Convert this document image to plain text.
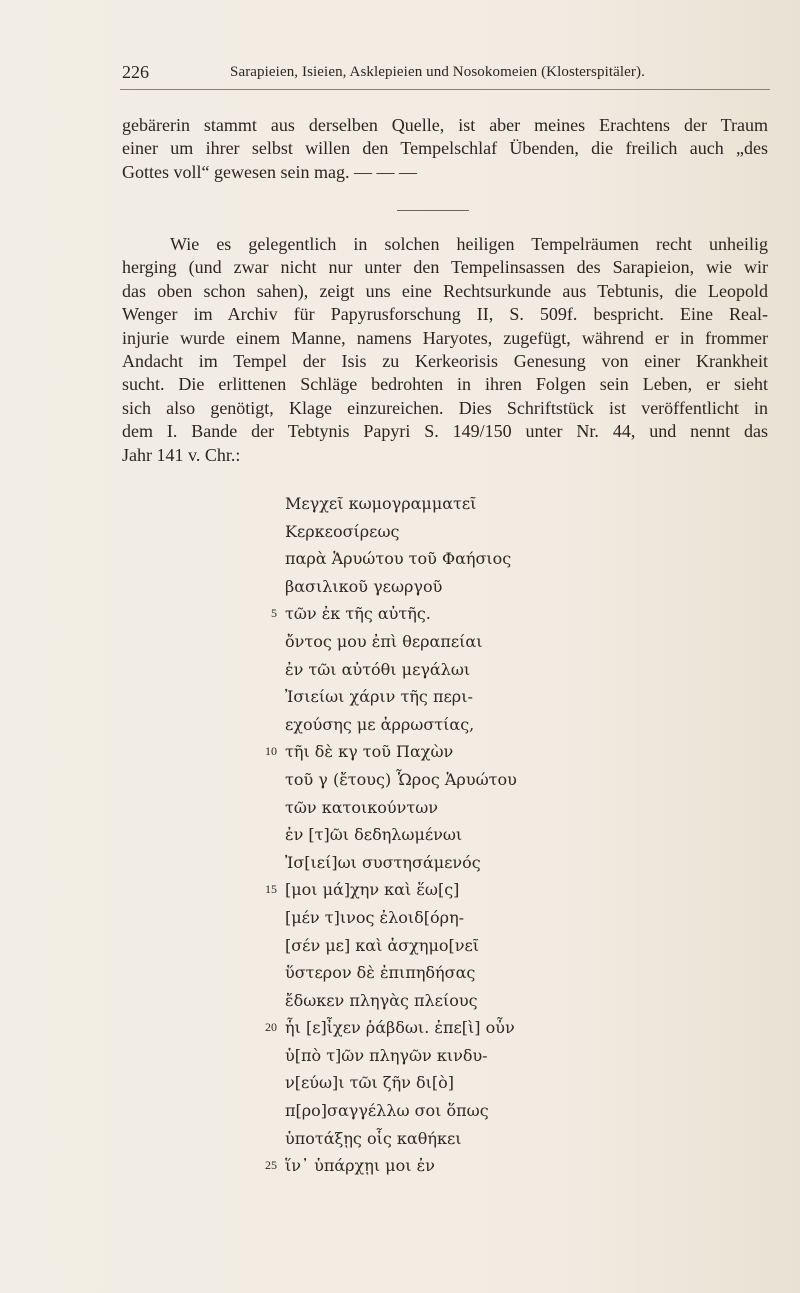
226	Sarapieien, Isieien, Asklepieien und Nosokomeien (Klosterspitäler).
gebärerin stammt aus derselben Quelle, ist aber meines Erachtens der Traum
einer um ihrer selbst willen den Tempelschlaf Übenden, die freilich auch „des
Gottes voll“ gewesen sein mag. — — —
Wie es gelegentlich in solchen heiligen Tempelräumen recht unheilig
herging (und zwar nicht nur unter den Tempelinsassen des Sarapieion, wie wir
das oben schon sahen), zeigt uns eine Rechtsurkunde aus Tebtunis, die Leopold
Wenger im Archiv für Papyrusforschung II, S. 509f. bespricht. Eine Real-
injurie wurde einem Manne, namens Haryotes, zugefügt, während er in frommer
Andacht im Tempel der Isis zu Kerkeorisis Genesung von einer Krankheit
sucht. Die erlittenen Schläge bedrohten in ihren Folgen sein Leben, er sieht
sich also genötigt, Klage einzureichen. Dies Schriftstück ist veröffentlicht in
dem I. Bande der Tebtynis Papyri S. 149/150 unter Nr. 44, und nennt das
Jahr 141 v. Chr.:
Μεγχεῖ κωμογραμματεῖ
Κερκεοσίρεως
παρὰ Ἁρυώτου τοῦ Φαήσιος
βασιλικοῦ γεωργοῦ
5 τῶν ἐκ τῆς αὐτῆς.
ὄντος μου ἐπὶ θεραπείαι
ἐν τῶι αὐτόθι μεγάλωι
Ἰσιείωι χάριν τῆς περι-
εχούσης με ἀρρωστίας,
10 τῆι δὲ κγ τοῦ Παχὼν
τοῦ γ (ἔτους) Ὧρος Ἁρυώτου
τῶν κατοικούντων
ἐν [τ]ῶι δεδηλωμένωι
Ἰσ[ιεί]ωι συστησάμενός
15 [μοι μά]χην καὶ ἕω[ς]
[μέν τ]ινος ἐλοιδ[όρη-
[σέν με] καὶ ἀσχημο[νεῖ
ὕστερον δὲ ἐπιπηδήσας
ἔδωκεν πληγὰς πλείους
20 ἧι [ε]ἶχεν ῥάβδωι. ἐπε[ὶ] οὖν
ὑ[πὸ τ]ῶν πληγῶν κινδυ-
ν[εύω]ι τῶι ζῆν δι[ὸ]
π[ρο]σαγγέλλω σοι ὅπως
ὑποτάξῃς οἷς καθήκει
25 ἵν᾿ ὑπάρχῃι μοι ἐν
